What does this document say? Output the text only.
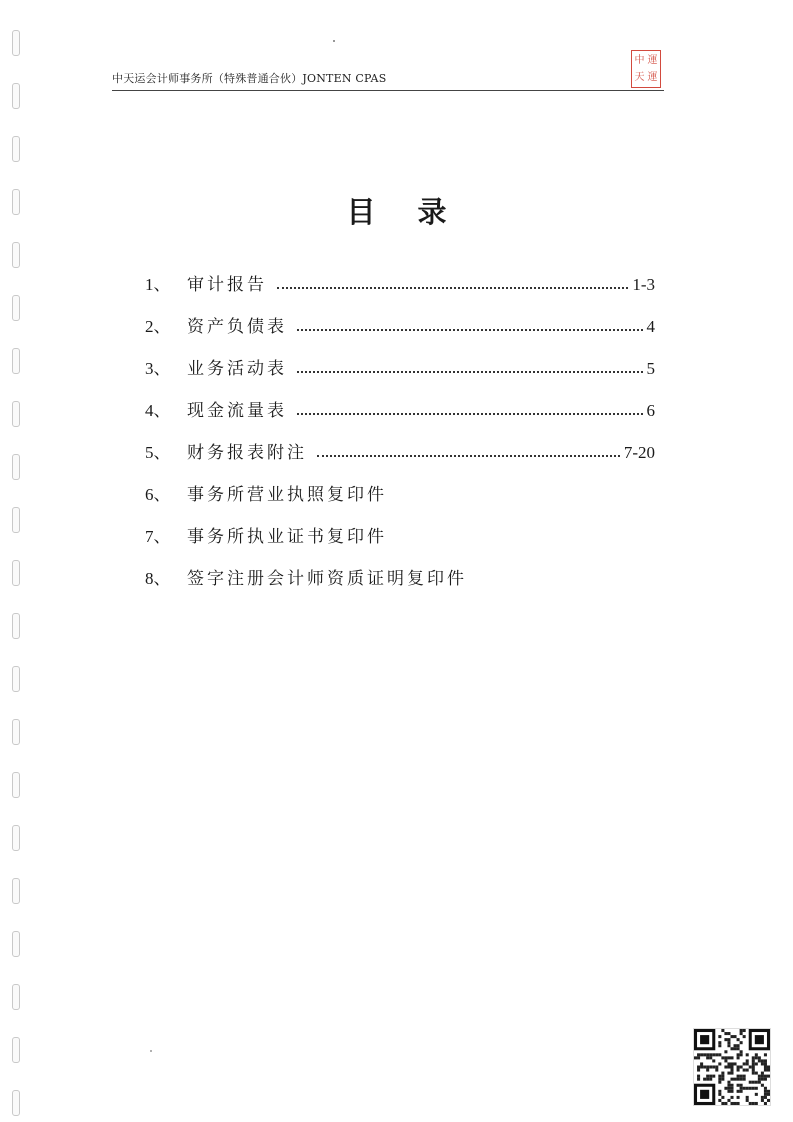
中天运会计师事务所（特殊普通合伙）JONTEN CPAS
中 運
天 運
目录
1、 审计报告	1-3
2、 资产负债表	4
3、 业务活动表	5
4、 现金流量表	6
5、 财务报表附注	7-20
6、 事务所营业执照复印件
7、 事务所执业证书复印件
8、 签字注册会计师资质证明复印件
